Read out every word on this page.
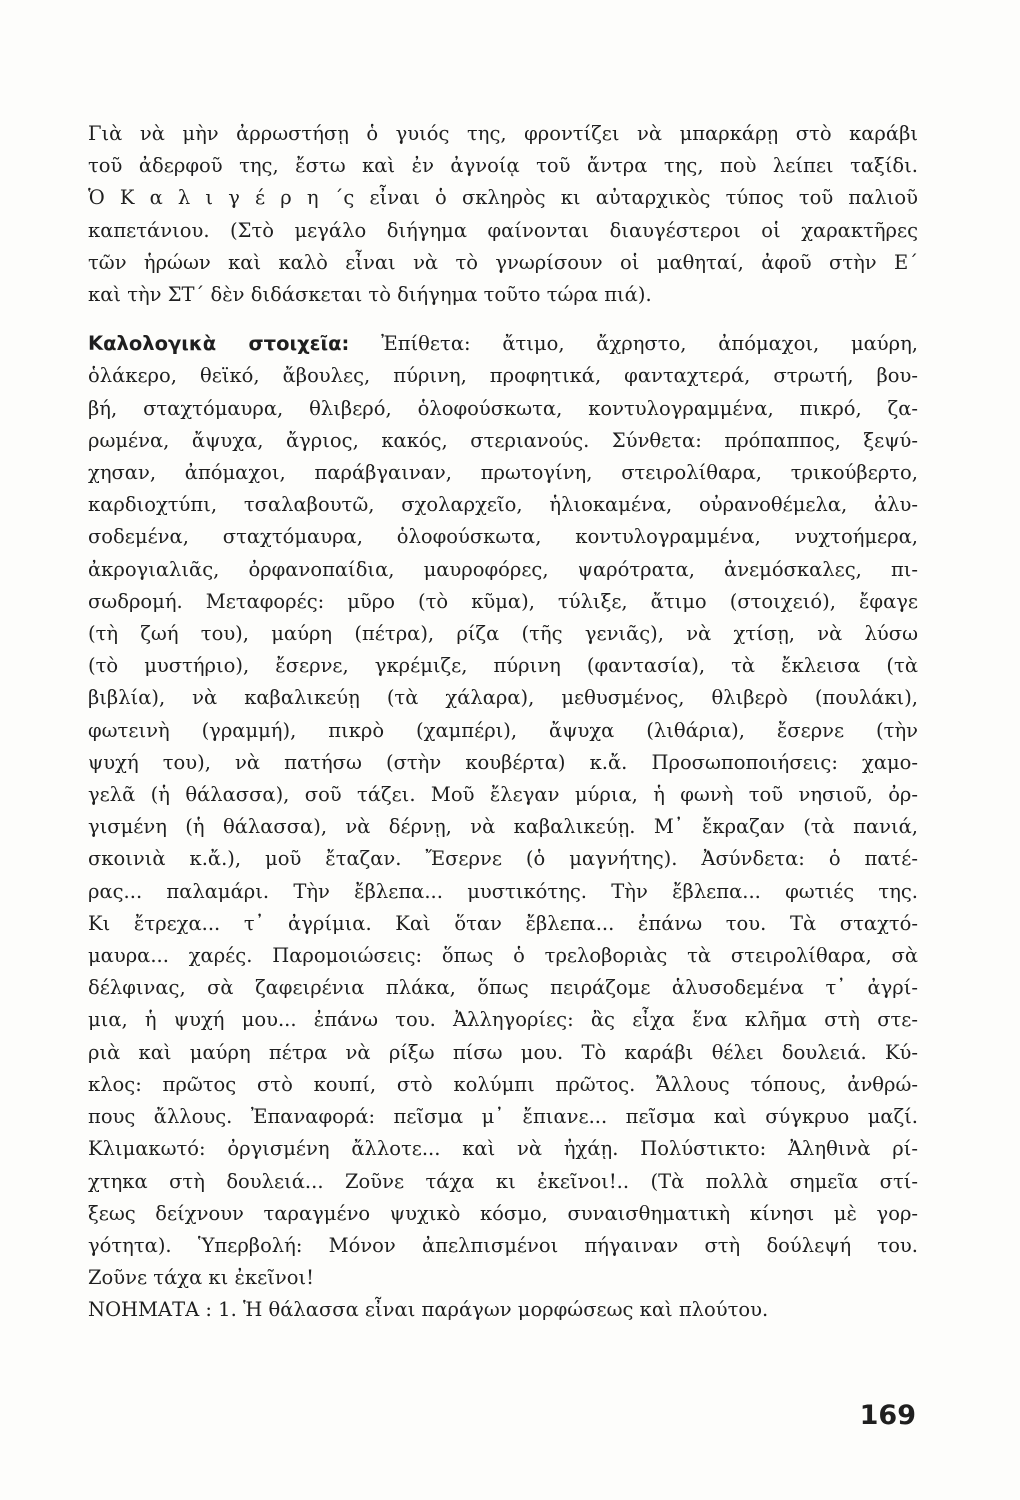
Γιὰ νὰ μὴν ἀρρωστήσῃ ὁ γυιός της, φροντίζει νὰ μπαρκάρῃ στὸ καράβι
τοῦ ἀδερφοῦ της, ἔστω καὶ ἐν ἀγνοίᾳ τοῦ ἄντρα της, ποὺ λείπει ταξίδι.
Ὁ Κ α λ ι γ έ ρ η ΄ς εἶναι ὁ σκληρὸς κι αὐταρχικὸς τύπος τοῦ παλιοῦ
καπετάνιου. (Στὸ μεγάλο διήγημα φαίνονται διαυγέστεροι οἱ χαρακτῆρες
τῶν ἡρώων καὶ καλὸ εἶναι νὰ τὸ γνωρίσουν οἱ μαθηταί, ἀφοῦ στὴν Ε΄
καὶ τὴν ΣΤ΄ δὲν διδάσκεται τὸ διήγημα τοῦτο τώρα πιά).

Καλολογικὰ στοιχεῖα: Ἐπίθετα: ἄτιμο, ἄχρηστο, ἀπόμαχοι, μαύρη,
ὁλάκερο, θεϊκό, ἄβουλες, πύρινη, προφητικά, φανταχτερά, στρωτή, βου-
βή, σταχτόμαυρα, θλιβερό, ὁλοφούσκωτα, κοντυλογραμμένα, πικρό, ζα-
ρωμένα, ἄψυχα, ἄγριος, κακός, στεριανούς. Σύνθετα: πρόπαππος, ξεψύ-
χησαν, ἀπόμαχοι, παράβγαιναν, πρωτογίνη, στειρολίθαρα, τρικούβερτο,
καρδιοχτύπι, τσαλαβουτῶ, σχολαρχεῖο, ἡλιοκαμένα, οὐρανοθέμελα, ἀλυ-
σοδεμένα, σταχτόμαυρα, ὁλοφούσκωτα, κοντυλογραμμένα, νυχτοήμερα,
ἀκρογιαλιᾶς, ὀρφανοπαίδια, μαυροφόρες, ψαρότρατα, ἀνεμόσκαλες, πι-
σωδρομή. Μεταφορές: μῦρο (τὸ κῦμα), τύλιξε, ἄτιμο (στοιχειό), ἔφαγε
(τὴ ζωή του), μαύρη (πέτρα), ρίζα (τῆς γενιᾶς), νὰ χτίσῃ, νὰ λύσω
(τὸ μυστήριο), ἔσερνε, γκρέμιζε, πύρινη (φαντασία), τὰ ἔκλεισα (τὰ
βιβλία), νὰ καβαλικεύῃ (τὰ χάλαρα), μεθυσμένος, θλιβερὸ (πουλάκι),
φωτεινὴ (γραμμή), πικρὸ (χαμπέρι), ἄψυχα (λιθάρια), ἔσερνε (τὴν
ψυχή του), νὰ πατήσω (στὴν κουβέρτα) κ.ἄ. Προσωποποιήσεις: χαμο-
γελᾶ (ἡ θάλασσα), σοῦ τάζει. Μοῦ ἔλεγαν μύρια, ἡ φωνὴ τοῦ νησιοῦ, ὀρ-
γισμένη (ἡ θάλασσα), νὰ δέρνῃ, νὰ καβαλικεύῃ. Μ᾿ ἔκραζαν (τὰ πανιά,
σκοινιὰ κ.ἄ.), μοῦ ἔταζαν. Ἔσερνε (ὁ μαγνήτης). Ἀσύνδετα: ὁ πατέ-
ρας... παλαμάρι. Τὴν ἔβλεπα... μυστικότης. Τὴν ἔβλεπα... φωτιές της.
Κι ἔτρεχα... τ᾿ ἀγρίμια. Καὶ ὅταν ἔβλεπα... ἐπάνω του. Τὰ σταχτό-
μαυρα... χαρές. Παρομοιώσεις: ὅπως ὁ τρελοβοριὰς τὰ στειρολίθαρα, σὰ
δέλφινας, σὰ ζαφειρένια πλάκα, ὅπως πειράζομε ἁλυσοδεμένα τ᾿ ἀγρί-
μια, ἡ ψυχή μου... ἐπάνω του. Ἀλληγορίες: ἂς εἶχα ἕνα κλῆμα στὴ στε-
ριὰ καὶ μαύρη πέτρα νὰ ρίξω πίσω μου. Τὸ καράβι θέλει δουλειά. Κύ-
κλος: πρῶτος στὸ κουπί, στὸ κολύμπι πρῶτος. Ἄλλους τόπους, ἀνθρώ-
πους ἄλλους. Ἐπαναφορά: πεῖσμα μ᾿ ἔπιανε... πεῖσμα καὶ σύγκρυο μαζί.
Κλιμακωτό: ὀργισμένη ἄλλοτε... καὶ νὰ ἠχάῃ. Πολύστικτο: Ἀληθινὰ ρί-
χτηκα στὴ δουλειά... Ζοῦνε τάχα κι ἐκεῖνοι!.. (Τὰ πολλὰ σημεῖα στί-
ξεως δείχνουν ταραγμένο ψυχικὸ κόσμο, συναισθηματικὴ κίνησι μὲ γορ-
γότητα). Ὑπερβολή: Μόνον ἀπελπισμένοι πήγαιναν στὴ δούλεψή του.
Ζοῦνε τάχα κι ἐκεῖνοι!
ΝΟΗΜΑΤΑ : 1. Ἡ θάλασσα εἶναι παράγων μορφώσεως καὶ πλούτου.

169
